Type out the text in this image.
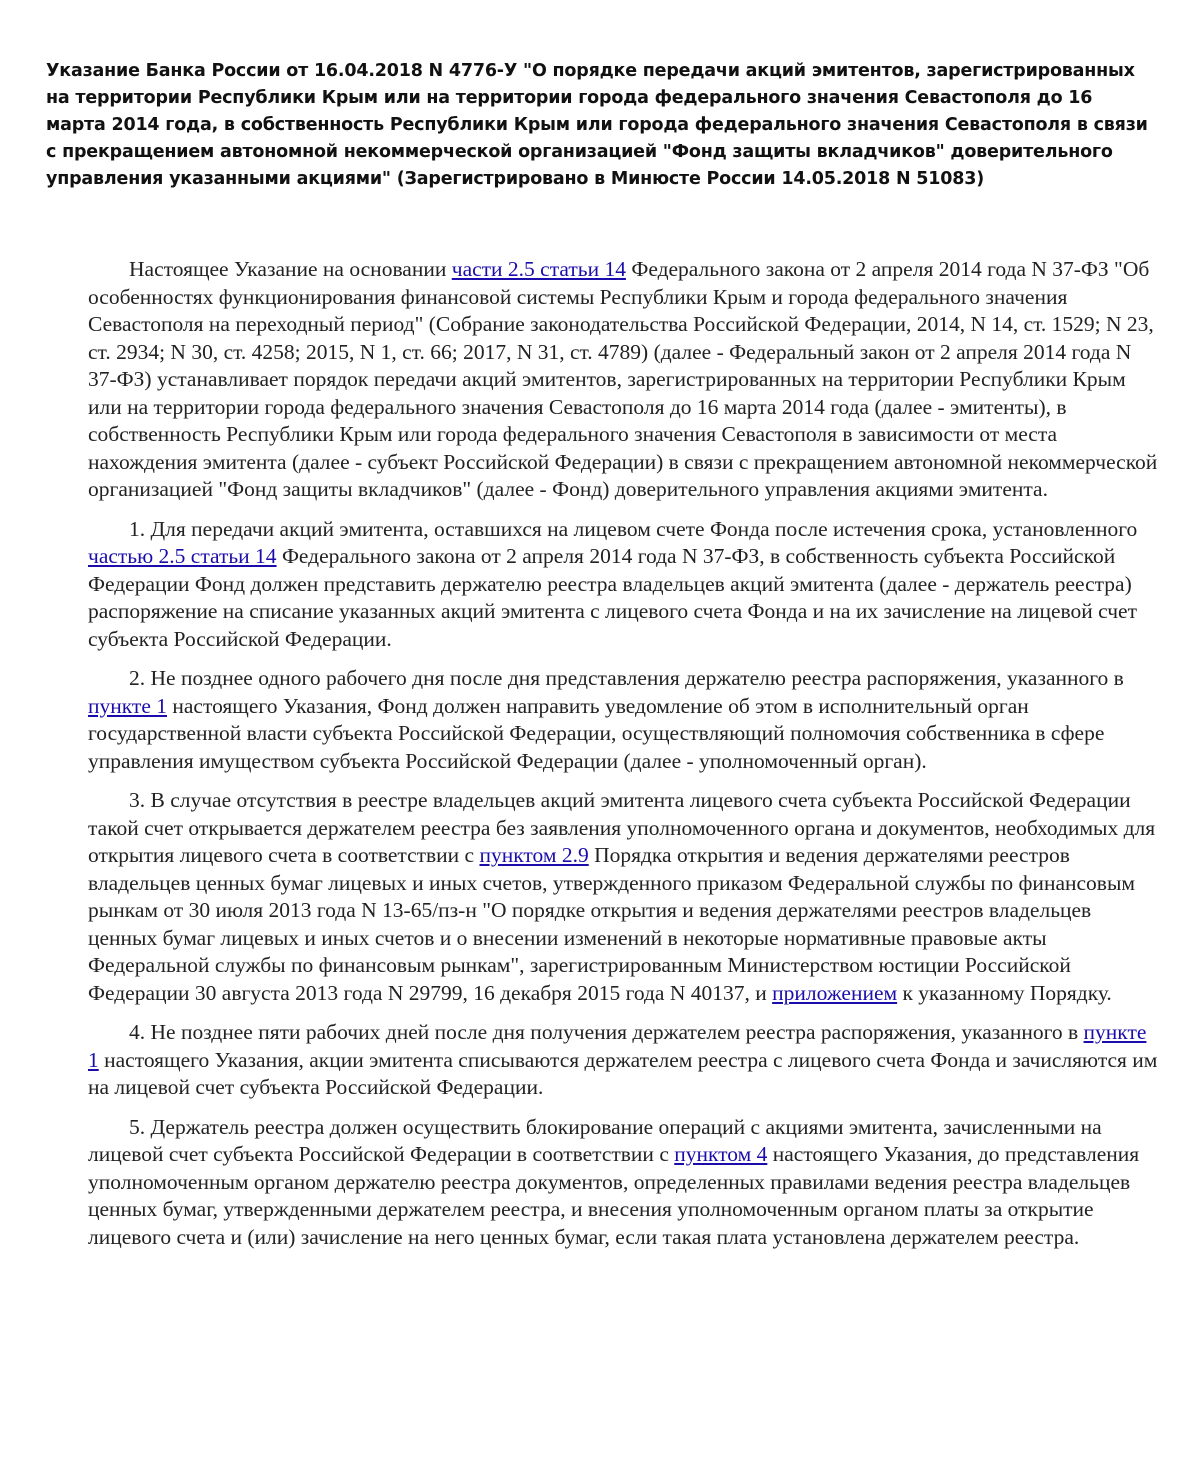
Указание Банка России от 16.04.2018 N 4776-У "О порядке передачи акций эмитентов, зарегистрированных на территории Республики Крым или на территории города федерального значения Севастополя до 16 марта 2014 года, в собственность Республики Крым или города федерального значения Севастополя в связи с прекращением автономной некоммерческой организацией "Фонд защиты вкладчиков" доверительного управления указанными акциями" (Зарегистрировано в Минюсте России 14.05.2018 N 51083)

Настоящее Указание на основании части 2.5 статьи 14 Федерального закона от 2 апреля 2014 года N 37-ФЗ "Об особенностях функционирования финансовой системы Республики Крым и города федерального значения Севастополя на переходный период" (Собрание законодательства Российской Федерации, 2014, N 14, ст. 1529; N 23, ст. 2934; N 30, ст. 4258; 2015, N 1, ст. 66; 2017, N 31, ст. 4789) (далее - Федеральный закон от 2 апреля 2014 года N 37-ФЗ) устанавливает порядок передачи акций эмитентов, зарегистрированных на территории Республики Крым или на территории города федерального значения Севастополя до 16 марта 2014 года (далее - эмитенты), в собственность Республики Крым или города федерального значения Севастополя в зависимости от места нахождения эмитента (далее - субъект Российской Федерации) в связи с прекращением автономной некоммерческой организацией "Фонд защиты вкладчиков" (далее - Фонд) доверительного управления акциями эмитента.

1. Для передачи акций эмитента, оставшихся на лицевом счете Фонда после истечения срока, установленного частью 2.5 статьи 14 Федерального закона от 2 апреля 2014 года N 37-ФЗ, в собственность субъекта Российской Федерации Фонд должен представить держателю реестра владельцев акций эмитента (далее - держатель реестра) распоряжение на списание указанных акций эмитента с лицевого счета Фонда и на их зачисление на лицевой счет субъекта Российской Федерации.

2. Не позднее одного рабочего дня после дня представления держателю реестра распоряжения, указанного в пункте 1 настоящего Указания, Фонд должен направить уведомление об этом в исполнительный орган государственной власти субъекта Российской Федерации, осуществляющий полномочия собственника в сфере управления имуществом субъекта Российской Федерации (далее - уполномоченный орган).

3. В случае отсутствия в реестре владельцев акций эмитента лицевого счета субъекта Российской Федерации такой счет открывается держателем реестра без заявления уполномоченного органа и документов, необходимых для открытия лицевого счета в соответствии с пунктом 2.9 Порядка открытия и ведения держателями реестров владельцев ценных бумаг лицевых и иных счетов, утвержденного приказом Федеральной службы по финансовым рынкам от 30 июля 2013 года N 13-65/пз-н "О порядке открытия и ведения держателями реестров владельцев ценных бумаг лицевых и иных счетов и о внесении изменений в некоторые нормативные правовые акты Федеральной службы по финансовым рынкам", зарегистрированным Министерством юстиции Российской Федерации 30 августа 2013 года N 29799, 16 декабря 2015 года N 40137, и приложением к указанному Порядку.

4. Не позднее пяти рабочих дней после дня получения держателем реестра распоряжения, указанного в пункте 1 настоящего Указания, акции эмитента списываются держателем реестра с лицевого счета Фонда и зачисляются им на лицевой счет субъекта Российской Федерации.

5. Держатель реестра должен осуществить блокирование операций с акциями эмитента, зачисленными на лицевой счет субъекта Российской Федерации в соответствии с пунктом 4 настоящего Указания, до представления уполномоченным органом держателю реестра документов, определенных правилами ведения реестра владельцев ценных бумаг, утвержденными держателем реестра, и внесения уполномоченным органом платы за открытие лицевого счета и (или) зачисление на него ценных бумаг, если такая плата установлена держателем реестра.
